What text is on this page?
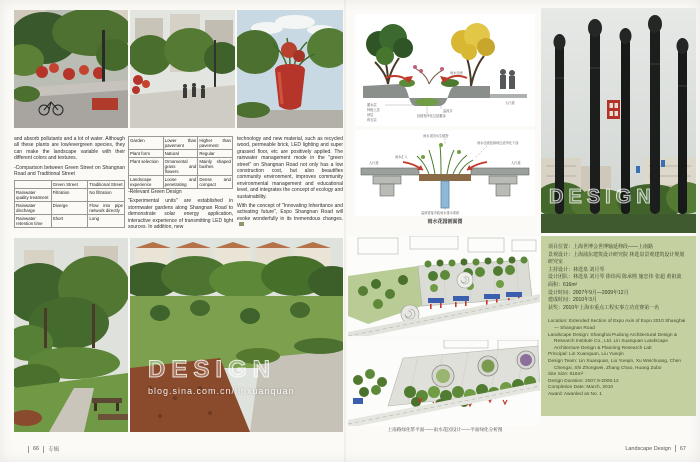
and absorb pollutants and a lot of water. Although all these plants are low/evergreen species, they can make the landscape variable with their different colors and textures.

-Comparison between Green Street on Shangnan Road and Traditional Street

	Green Street	Traditional Street
Rainwater quality treatment	Filtration	No filtration
Rainwater discharge	Diverge	Flow into pipe network directly
Rainwater retention time	Short	Long
Garden	Lower than pavement	Higher than pavement
Plant form	Natural	Regular
Plant selection	Ornamental grass and flowers	Mainly shaped bushes
Landscape experience	Loose and penetrating	Dense and compact

-Relevant Green Design

"Experimental units" are established in stormwater gardens along Shangnan Road to demonstrate solar energy application, interactive experience of transmitting LED light sources. In addition, new

technology and new material, such as recycled wood, permeable brick, LED lighting and super grassed floor, etc are positively applied. The rainwater management mode in the "green street" on Shangnan Road not only has a low construction cost, but also beautifies community environment, improves community environmental management and educational level, and integrates the concept of ecology and sustainability.

With the concept of "Innovating Inheritance and activating future", Expo Shangnan Road will evoke wonderfully in its tremendous changes.

DESIGN
blog.sina.com.cn/linxuanquan
蓄水层
种植土层
砂层
碎石层
经植物净化过滤蓄渗
雨水径流
溢流井
人行道
雨水花园水生植物
雨水径流经绿地过滤净化下渗
人行道	人行道
雨水汇入
溢流管接市政雨水排水系统
雨水花园剖面图
DESIGN
项目位置：上海世博会世博轴延伸段——上南路
景观设计：上海浦东建筑设计研究院 林选泉景观建筑设计规划研究室
主持设计：林选泉 刘月琴
设计团队：林选泉 刘月琴 徐玮闯 陈承熙 施忠伟 张超 黄祖波
面积：616m²
设计时间：2007年9月—2009年12月
建成时间：2010年3月
获奖：2010年上海市重点工程实事立功竞赛第一名
Location: Extended Section of Expo Axis of Expo 2010 Shanghai — Shangnan Road
Landscape Design: Shanghai Pudong Architectural Design & Research Institute Co., Ltd. Lin Xuanquan Landscape Architecture Design & Planning Research Lab
Principal: Lin Xuanquan, Liu Yueqin
Design Team: Lin Xuanquan, Liu Yueqin, Xu Weichuang, Chen Chengxi, Shi Zhongwei, Zhang Chao, Huang Zubo
Site Size: 616m²
Design Duration: 2007.9-2009.12
Completion Date: March, 2010
Award: Awarded as No. 1
上南路绿化带平面——雨水花园设计——平面绿化分析图
66 专辑	Landscape Design 67
